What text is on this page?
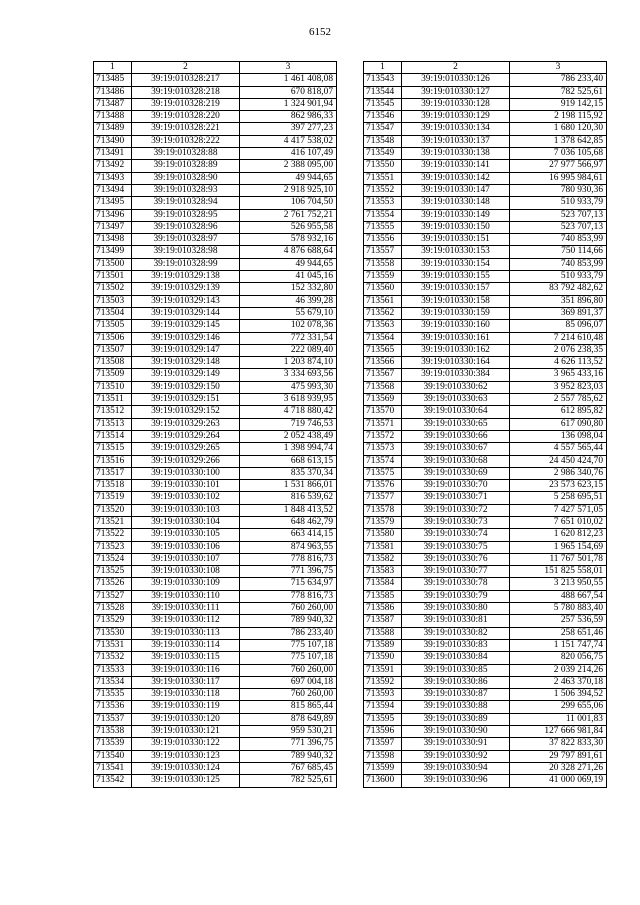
6152
1	2	3
713485	39:19:010328:217	1 461 408,08
713486	39:19:010328:218	670 818,07
713487	39:19:010328:219	1 324 901,94
713488	39:19:010328:220	862 986,33
713489	39:19:010328:221	397 277,23
713490	39:19:010328:222	4 417 538,02
713491	39:19:010328:88	416 107,49
713492	39:19:010328:89	2 388 095,00
713493	39:19:010328:90	49 944,65
713494	39:19:010328:93	2 918 925,10
713495	39:19:010328:94	106 704,50
713496	39:19:010328:95	2 761 752,21
713497	39:19:010328:96	526 955,58
713498	39:19:010328:97	578 932,16
713499	39:19:010328:98	4 876 688,64
713500	39:19:010328:99	49 944,65
713501	39:19:010329:138	41 045,16
713502	39:19:010329:139	152 332,80
713503	39:19:010329:143	46 399,28
713504	39:19:010329:144	55 679,10
713505	39:19:010329:145	102 078,36
713506	39:19:010329:146	772 331,54
713507	39:19:010329:147	222 089,40
713508	39:19:010329:148	1 203 874,10
713509	39:19:010329:149	3 334 693,56
713510	39:19:010329:150	475 993,30
713511	39:19:010329:151	3 618 939,95
713512	39:19:010329:152	4 718 880,42
713513	39:19:010329:263	719 746,53
713514	39:19:010329:264	2 052 438,49
713515	39:19:010329:265	1 398 994,74
713516	39:19:010329:266	668 613,15
713517	39:19:010330:100	835 370,34
713518	39:19:010330:101	1 531 866,01
713519	39:19:010330:102	816 539,62
713520	39:19:010330:103	1 848 413,52
713521	39:19:010330:104	648 462,79
713522	39:19:010330:105	663 414,15
713523	39:19:010330:106	874 963,55
713524	39:19:010330:107	778 816,73
713525	39:19:010330:108	771 396,75
713526	39:19:010330:109	715 634,97
713527	39:19:010330:110	778 816,73
713528	39:19:010330:111	760 260,00
713529	39:19:010330:112	789 940,32
713530	39:19:010330:113	786 233,40
713531	39:19:010330:114	775 107,18
713532	39:19:010330:115	775 107,18
713533	39:19:010330:116	760 260,00
713534	39:19:010330:117	697 004,18
713535	39:19:010330:118	760 260,00
713536	39:19:010330:119	815 865,44
713537	39:19:010330:120	878 649,89
713538	39:19:010330:121	959 530,21
713539	39:19:010330:122	771 396,75
713540	39:19:010330:123	789 940,32
713541	39:19:010330:124	767 685,45
713542	39:19:010330:125	782 525,61
1	2	3
713543	39:19:010330:126	786 233,40
713544	39:19:010330:127	782 525,61
713545	39:19:010330:128	919 142,15
713546	39:19:010330:129	2 198 115,92
713547	39:19:010330:134	1 680 120,30
713548	39:19:010330:137	1 378 642,85
713549	39:19:010330:138	7 036 105,68
713550	39:19:010330:141	27 977 566,97
713551	39:19:010330:142	16 995 984,61
713552	39:19:010330:147	780 930,36
713553	39:19:010330:148	510 933,79
713554	39:19:010330:149	523 707,13
713555	39:19:010330:150	523 707,13
713556	39:19:010330:151	740 853,99
713557	39:19:010330:153	750 114,66
713558	39:19:010330:154	740 853,99
713559	39:19:010330:155	510 933,79
713560	39:19:010330:157	83 792 482,62
713561	39:19:010330:158	351 896,80
713562	39:19:010330:159	369 891,37
713563	39:19:010330:160	85 096,07
713564	39:19:010330:161	7 214 610,48
713565	39:19:010330:162	2 076 238,35
713566	39:19:010330:164	4 626 113,52
713567	39:19:010330:384	3 965 433,16
713568	39:19:010330:62	3 952 823,03
713569	39:19:010330:63	2 557 785,62
713570	39:19:010330:64	612 895,82
713571	39:19:010330:65	617 090,80
713572	39:19:010330:66	136 098,04
713573	39:19:010330:67	4 557 565,44
713574	39:19:010330:68	24 450 424,70
713575	39:19:010330:69	2 986 340,76
713576	39:19:010330:70	23 573 623,15
713577	39:19:010330:71	5 258 695,51
713578	39:19:010330:72	7 427 571,05
713579	39:19:010330:73	7 651 010,02
713580	39:19:010330:74	1 620 812,23
713581	39:19:010330:75	1 965 154,69
713582	39:19:010330:76	11 767 501,78
713583	39:19:010330:77	151 825 558,01
713584	39:19:010330:78	3 213 950,55
713585	39:19:010330:79	488 667,54
713586	39:19:010330:80	5 780 883,40
713587	39:19:010330:81	257 536,59
713588	39:19:010330:82	258 651,46
713589	39:19:010330:83	1 151 747,74
713590	39:19:010330:84	820 056,75
713591	39:19:010330:85	2 039 214,26
713592	39:19:010330:86	2 463 370,18
713593	39:19:010330:87	1 506 394,52
713594	39:19:010330:88	299 655,06
713595	39:19:010330:89	11 001,83
713596	39:19:010330:90	127 666 981,84
713597	39:19:010330:91	37 822 833,30
713598	39:19:010330:92	29 797 891,61
713599	39:19:010330:94	20 328 271,26
713600	39:19:010330:96	41 000 069,19
